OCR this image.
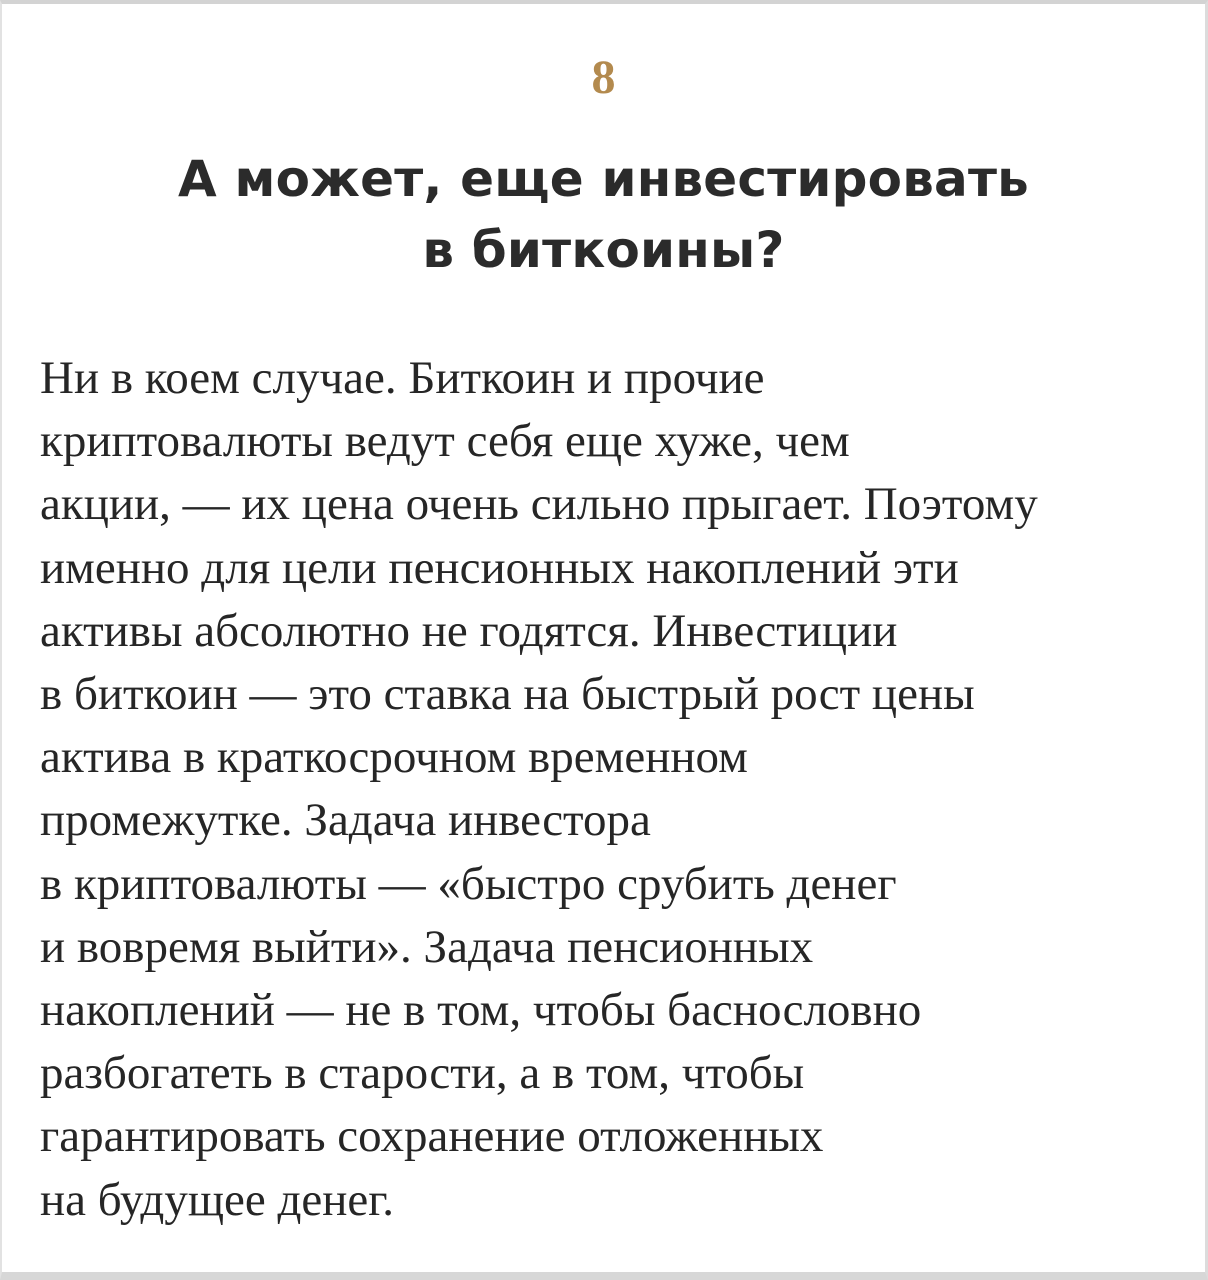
8

А может, еще инвестировать
в биткоины?
Ни в коем случае. Биткоин и прочие
криптовалюты ведут себя еще хуже, чем
акции, — их цена очень сильно прыгает. Поэтому
именно для цели пенсионных накоплений эти
активы абсолютно не годятся. Инвестиции
в биткоин — это ставка на быстрый рост цены
актива в краткосрочном временном
промежутке. Задача инвестора
в криптовалюты — «быстро срубить денег
и вовремя выйти». Задача пенсионных
накоплений — не в том, чтобы баснословно
разбогатеть в старости, а в том, чтобы
гарантировать сохранение отложенных
на будущее денег.
